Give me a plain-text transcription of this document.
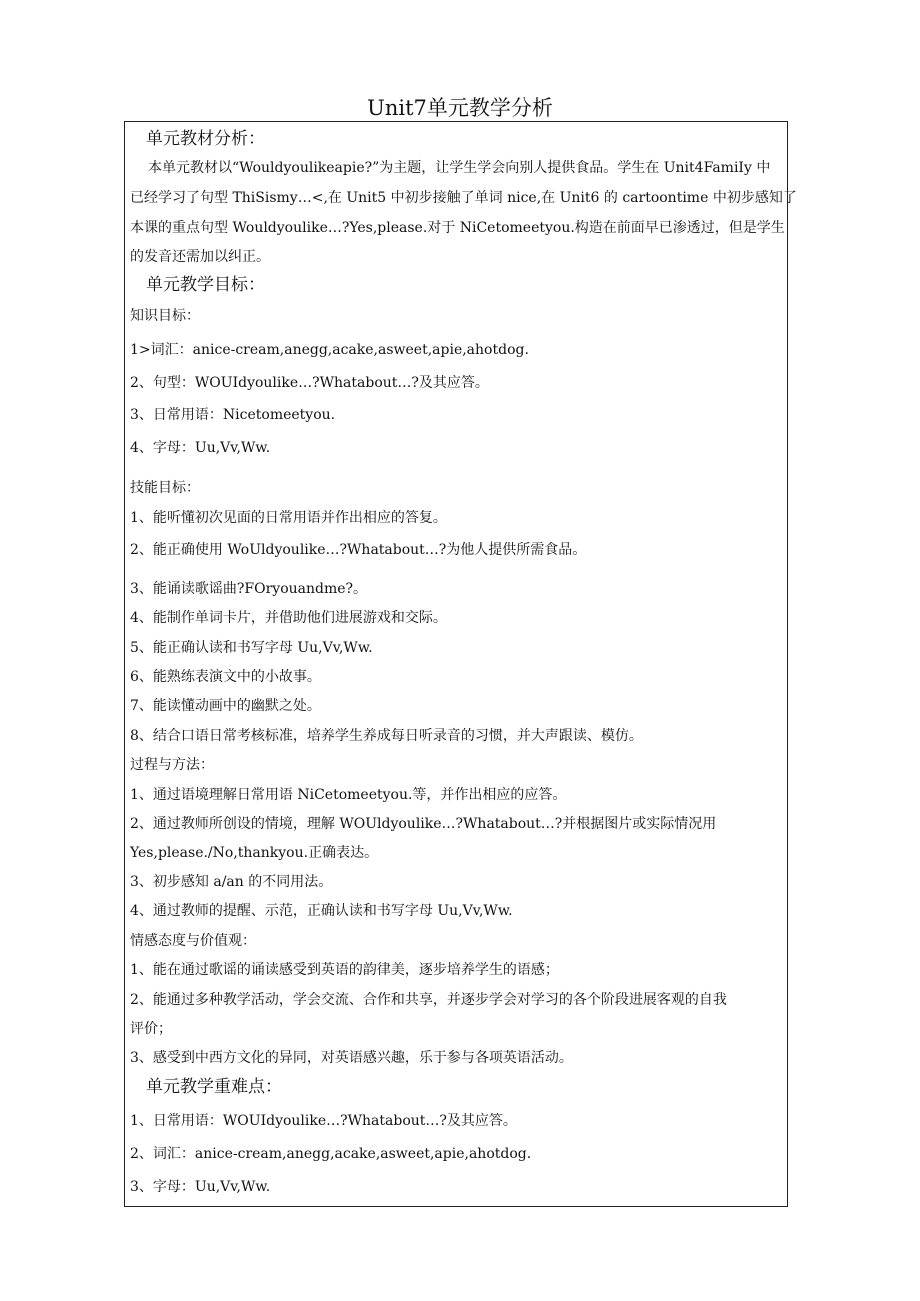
Unit7单元教学分析
单元教材分析：
本单元教材以“Wouldyoulikeapie?”为主题，让学生学会向别人提供食品。学生在 Unit4FamiIy 中
已经学习了句型 ThiSismy…<,在 Unit5 中初步接触了单词 nice,在 Unit6 的 cartoontime 中初步感知了
本课的重点句型 Wouldyoulike…?Yes,please.对于 NiCetomeetyou.构造在前面早已渗透过，但是学生
的发音还需加以纠正。
单元教学目标：
知识目标：
1>词汇：anice-cream,anegg,acake,asweet,apie,ahotdog.
2、句型：WOUIdyoulike…?Whatabout…?及其应答。
3、日常用语：Nicetomeetyou.
4、字母：Uu,Vv,Ww.
技能目标：
1、能听懂初次见面的日常用语并作出相应的答复。
2、能正确使用 WoUldyoulike…?Whatabout…?为他人提供所需食品。
3、能诵读歌谣曲?FOryouandme?。
4、能制作单词卡片，并借助他们进展游戏和交际。
5、能正确认读和书写字母 Uu,Vv,Ww.
6、能熟练表演文中的小故事。
7、能读懂动画中的幽默之处。
8、结合口语日常考核标准，培养学生养成每日听录音的习惯，并大声跟读、模仿。
过程与方法：
1、通过语境理解日常用语 NiCetomeetyou.等，并作出相应的应答。
2、通过教师所创设的情境，理解 WOUldyoulike…?Whatabout…?并根据图片或实际情况用
Yes,please./No,thankyou.正确表达。
3、初步感知 a/an 的不同用法。
4、通过教师的提醒、示范，正确认读和书写字母 Uu,Vv,Ww.
情感态度与价值观：
1、能在通过歌谣的诵读感受到英语的韵律美，逐步培养学生的语感；
2、能通过多种教学活动，学会交流、合作和共享，并逐步学会对学习的各个阶段进展客观的自我
评价；
3、感受到中西方文化的异同，对英语感兴趣，乐于参与各项英语活动。
单元教学重难点：
1、日常用语：WOUIdyoulike…?Whatabout…?及其应答。
2、词汇：anice-cream,anegg,acake,asweet,apie,ahotdog.
3、字母：Uu,Vv,Ww.
